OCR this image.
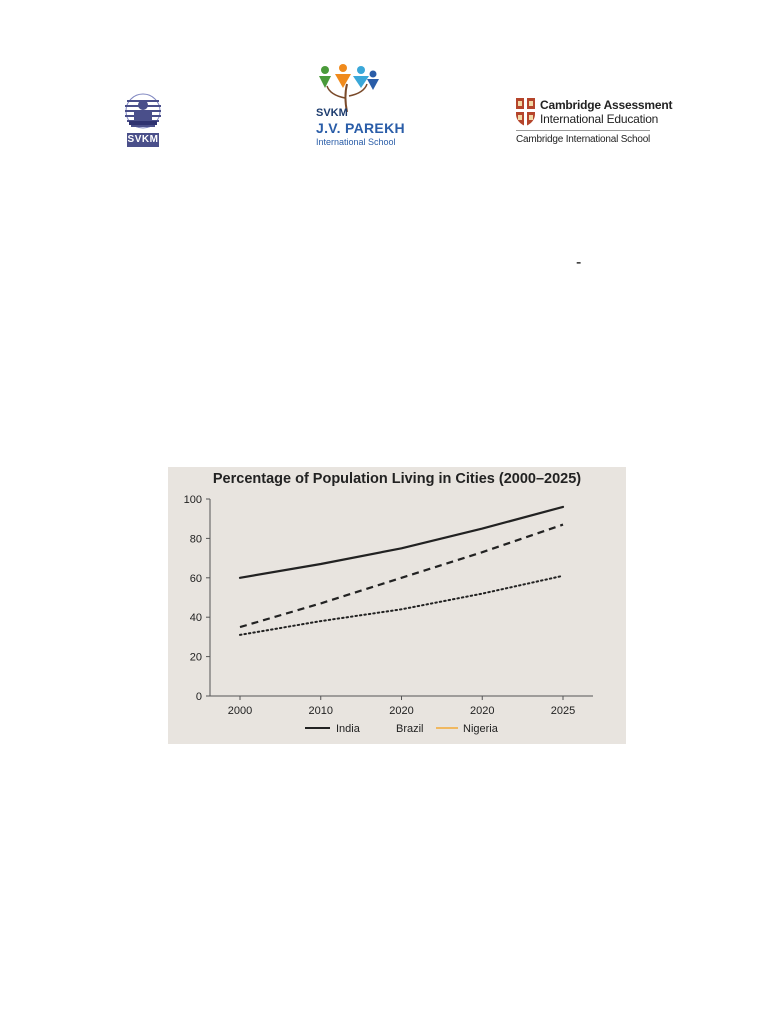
SVKM
SVKM
J.V. PAREKH
International School
Cambridge Assessment
International Education
Cambridge International School
-
Percentage of Population Living in Cities (2000–2025)
0
20
40
60
80
100
2000	2010	2020	2020	2025
India	Brazil	Nigeria
